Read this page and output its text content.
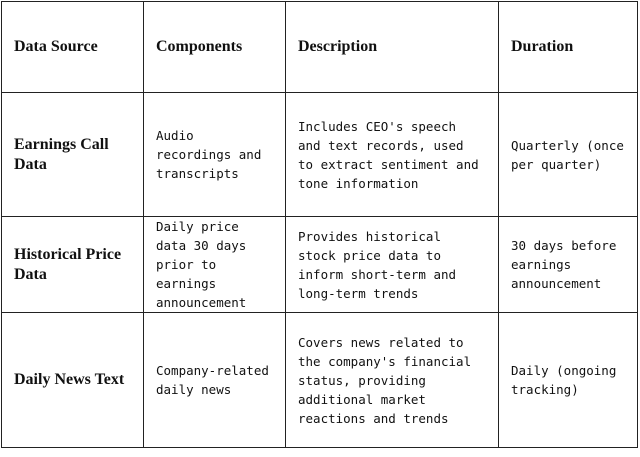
Data Source	Components	Description	Duration
Earnings Call Data	Audio recordings and transcripts	Includes CEO's speech and text records, used to extract sentiment and tone information	Quarterly (once per quarter)
Historical Price Data	Daily price data 30 days prior to earnings announcement	Provides historical stock price data to inform short-term and long-term trends	30 days before earnings announcement
Daily News Text	Company-related daily news	Covers news related to the company's financial status, providing additional market reactions and trends	Daily (ongoing tracking)
